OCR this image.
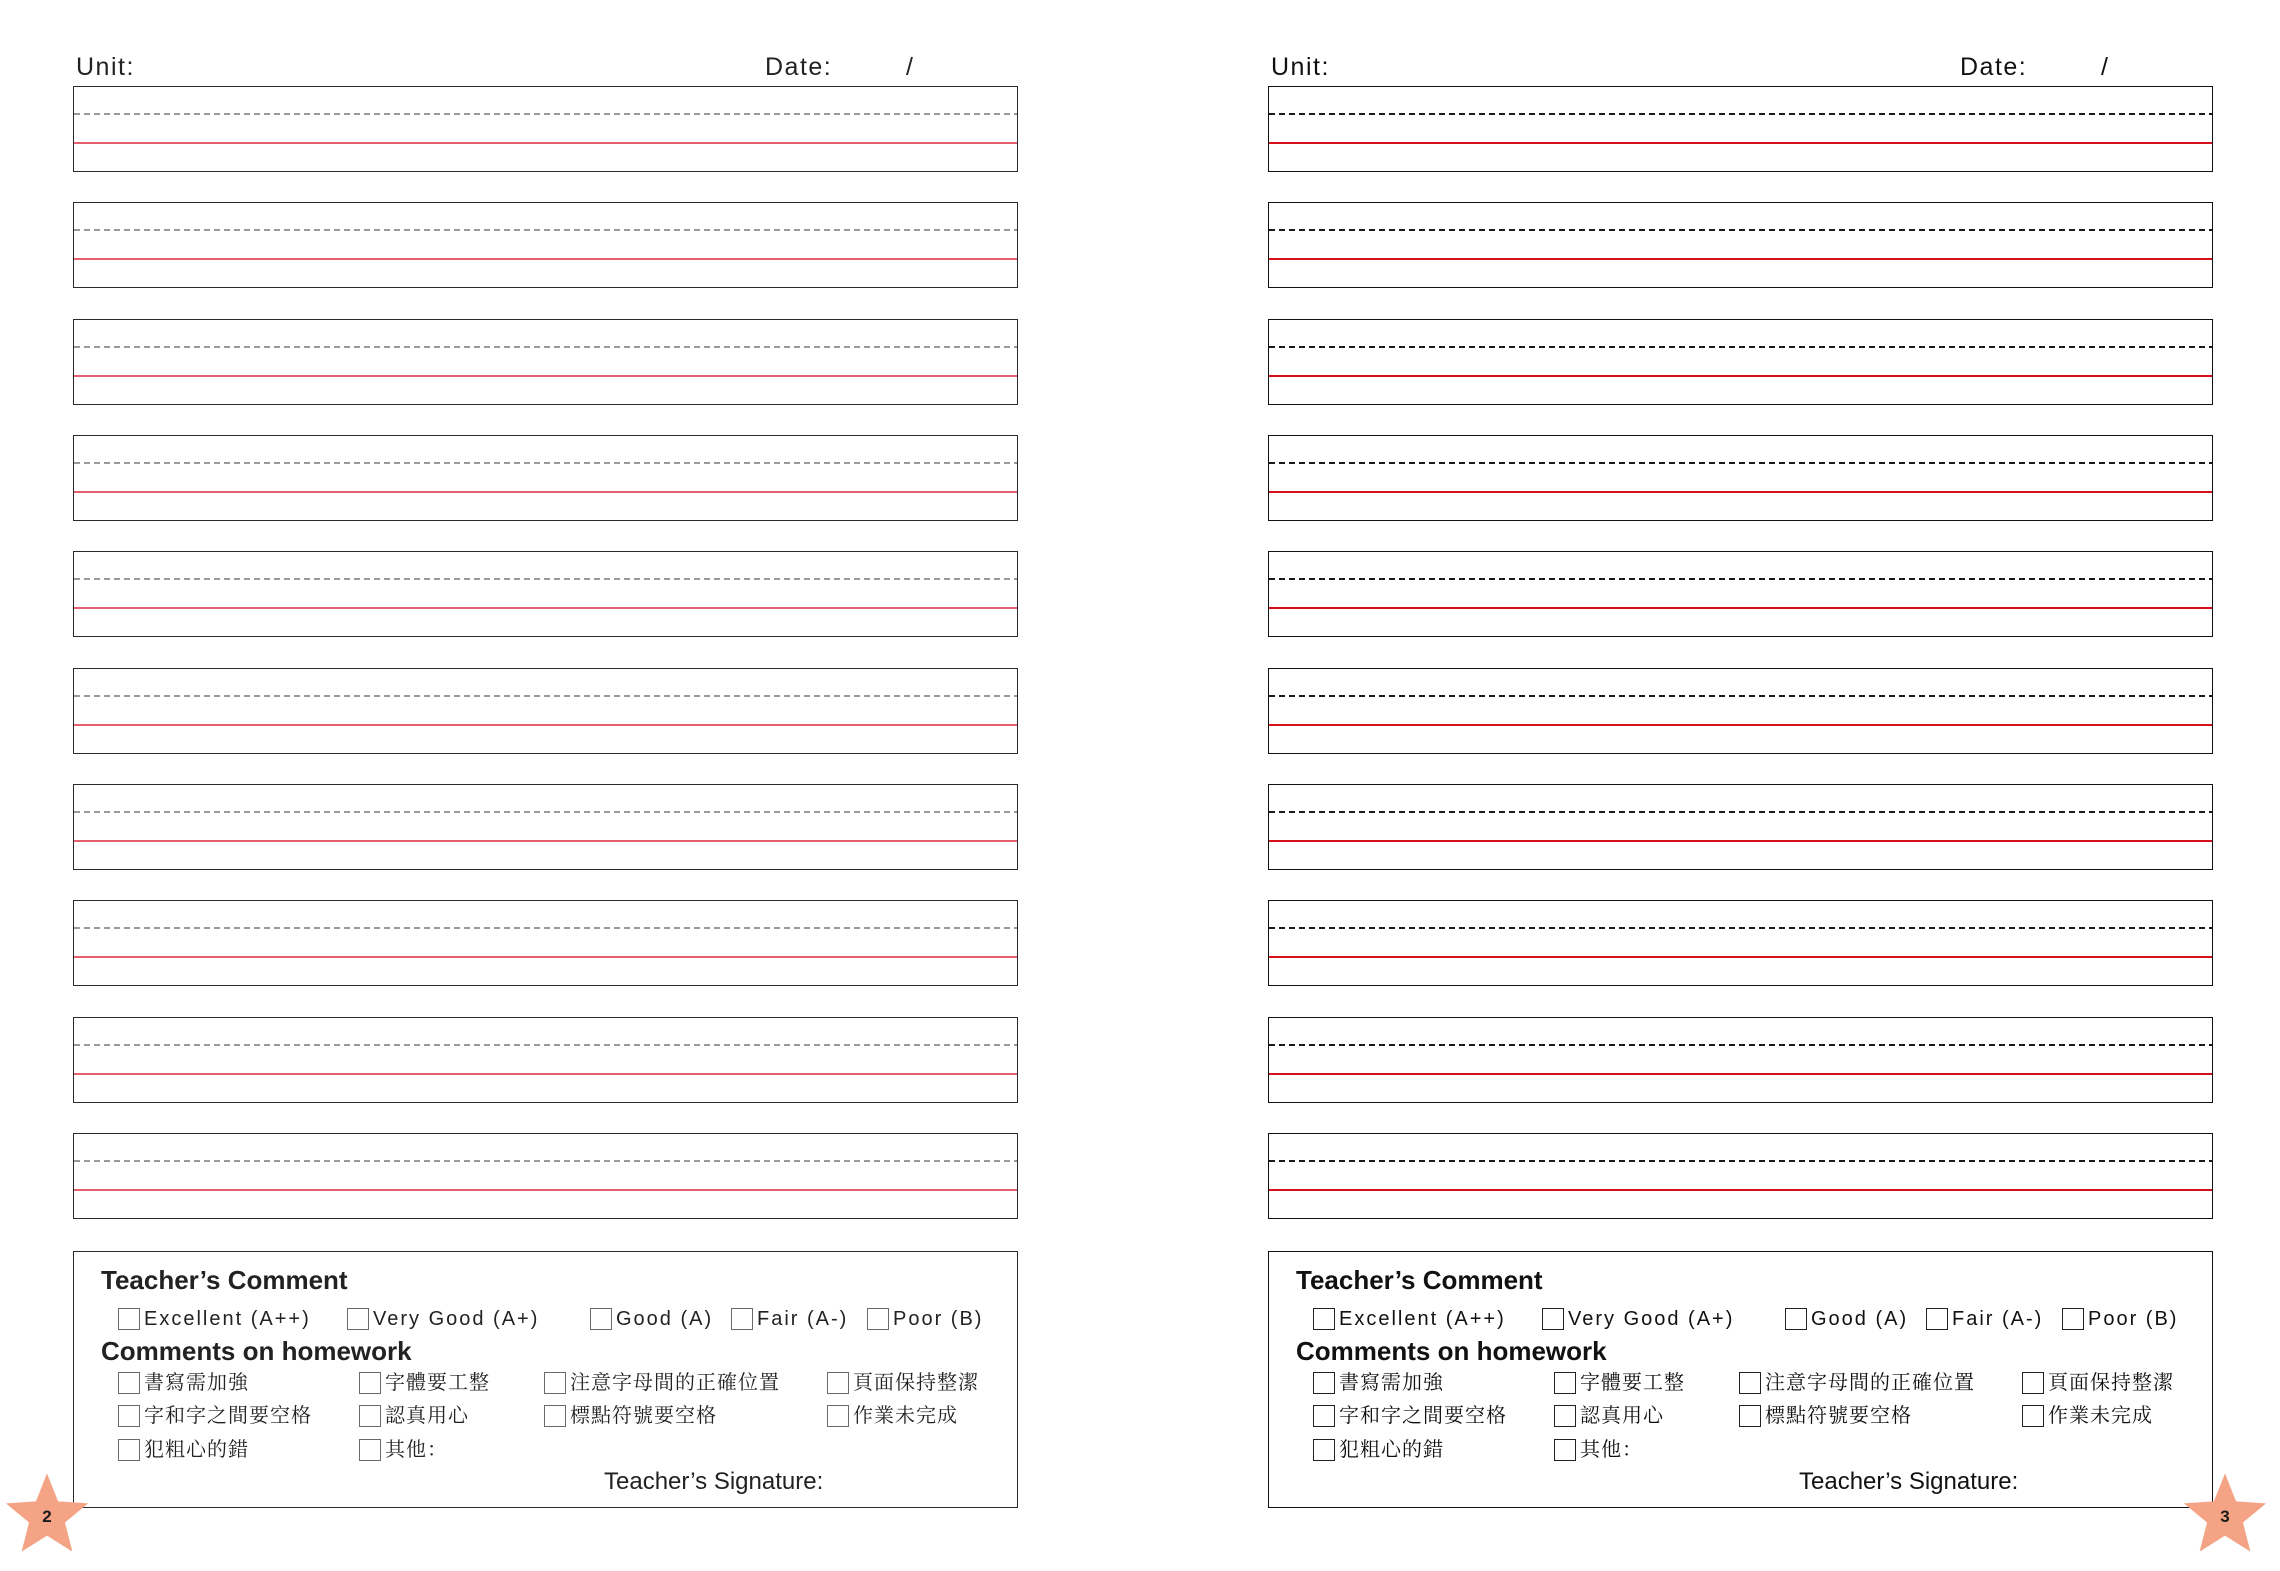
Unit:	Date:	/
Teacher’s Comment
Excellent (A++)	Very Good (A+)	Good (A) Fair (A-) Poor (B)
Comments on homework
書寫需加強	字體要工整	注意字母間的正確位置	頁面保持整潔
字和字之間要空格	認真用心	標點符號要空格	作業未完成
犯粗心的錯	其他：
Teacher’s Signature:
2
Unit:	Date:	/
Teacher’s Comment
Excellent (A++)	Very Good (A+)	Good (A) Fair (A-) Poor (B)
Comments on homework
書寫需加強	字體要工整	注意字母間的正確位置	頁面保持整潔
字和字之間要空格	認真用心	標點符號要空格	作業未完成
犯粗心的錯	其他：
Teacher’s Signature:
3
